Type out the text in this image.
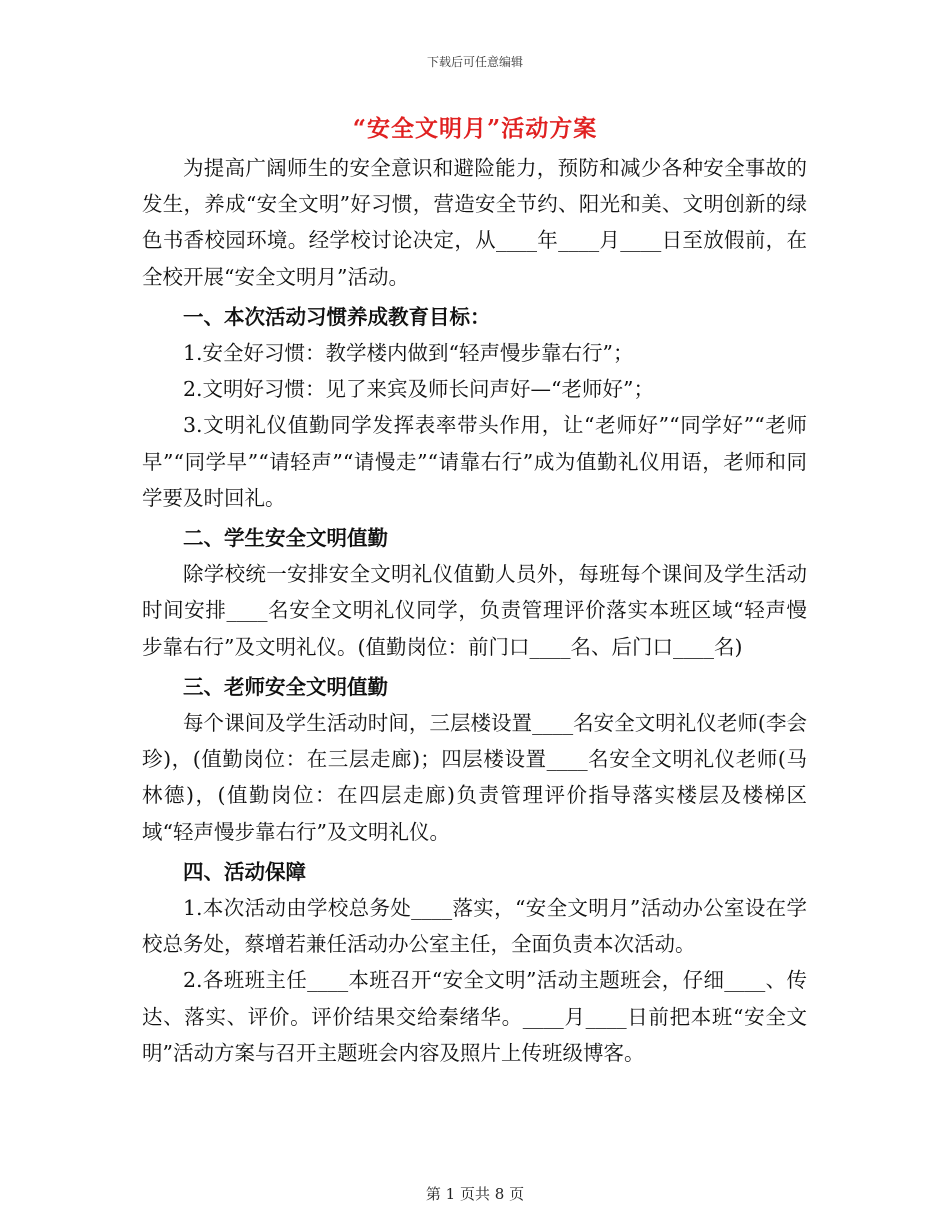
下载后可任意编辑
“安全文明月”活动方案

为提高广阔师生的安全意识和避险能力，预防和减少各种安全事故的发生，养成“安全文明”好习惯，营造安全节约、阳光和美、文明创新的绿色书香校园环境。经学校讨论决定，从____年____月____日至放假前，在全校开展“安全文明月”活动。

一、本次活动习惯养成教育目标：

1.安全好习惯：教学楼内做到“轻声慢步靠右行”；

2.文明好习惯：见了来宾及师长问声好—“老师好”；

3.文明礼仪值勤同学发挥表率带头作用，让“老师好”“同学好”“老师早”“同学早”“请轻声”“请慢走”“请靠右行”成为值勤礼仪用语，老师和同学要及时回礼。

二、学生安全文明值勤

除学校统一安排安全文明礼仪值勤人员外，每班每个课间及学生活动时间安排____名安全文明礼仪同学，负责管理评价落实本班区域“轻声慢步靠右行”及文明礼仪。(值勤岗位：前门口____名、后门口____名)

三、老师安全文明值勤

每个课间及学生活动时间，三层楼设置____名安全文明礼仪老师(李会珍)，(值勤岗位：在三层走廊)；四层楼设置____名安全文明礼仪老师(马林德)，(值勤岗位：在四层走廊)负责管理评价指导落实楼层及楼梯区域“轻声慢步靠右行”及文明礼仪。

四、活动保障

1.本次活动由学校总务处____落实，“安全文明月”活动办公室设在学校总务处，蔡增若兼任活动办公室主任，全面负责本次活动。

2.各班班主任____本班召开“安全文明”活动主题班会，仔细____、传达、落实、评价。评价结果交给秦绪华。____月____日前把本班“安全文明”活动方案与召开主题班会内容及照片上传班级博客。

第 1 页共 8 页
